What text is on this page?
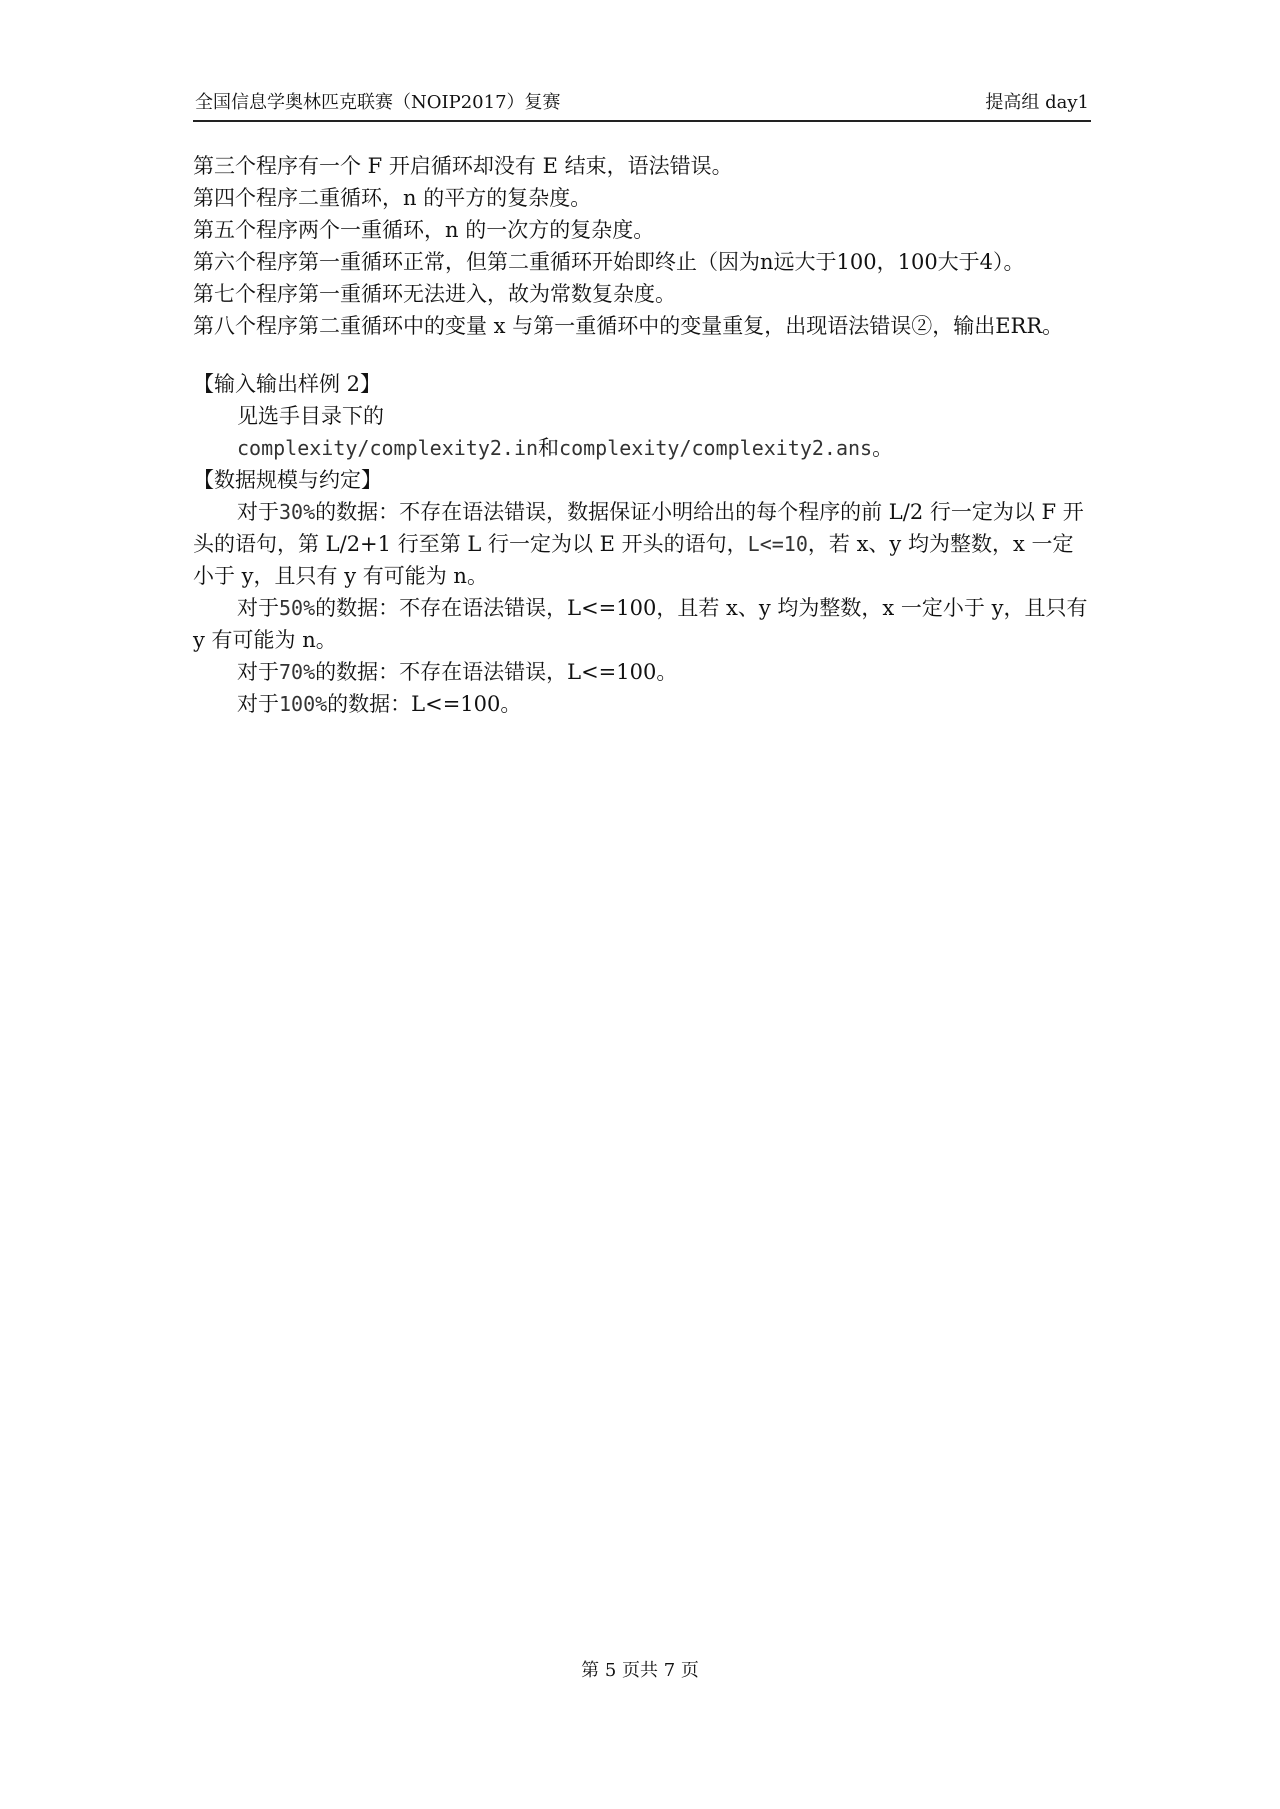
全国信息学奥林匹克联赛（NOIP2017）复赛	提高组 day1

第三个程序有一个 F 开启循环却没有 E 结束，语法错误。

第四个程序二重循环，n 的平方的复杂度。

第五个程序两个一重循环，n 的一次方的复杂度。

第六个程序第一重循环正常，但第二重循环开始即终止（因为n远大于100，100大于4）。

第七个程序第一重循环无法进入，故为常数复杂度。

第八个程序第二重循环中的变量 x 与第一重循环中的变量重复，出现语法错误②，输出ERR。

【输入输出样例 2】

见选手目录下的

complexity/complexity2.in和complexity/complexity2.ans。

【数据规模与约定】

对于30%的数据：不存在语法错误，数据保证小明给出的每个程序的前 L/2 行一定为以 F 开头的语句，第 L/2+1 行至第 L 行一定为以 E 开头的语句，L<=10，若 x、y 均为整数，x 一定小于 y，且只有 y 有可能为 n。

对于50%的数据：不存在语法错误，L<=100，且若 x、y 均为整数，x 一定小于 y，且只有 y 有可能为 n。

对于70%的数据：不存在语法错误，L<=100。

对于100%的数据：L<=100。

第 5 页共 7 页
